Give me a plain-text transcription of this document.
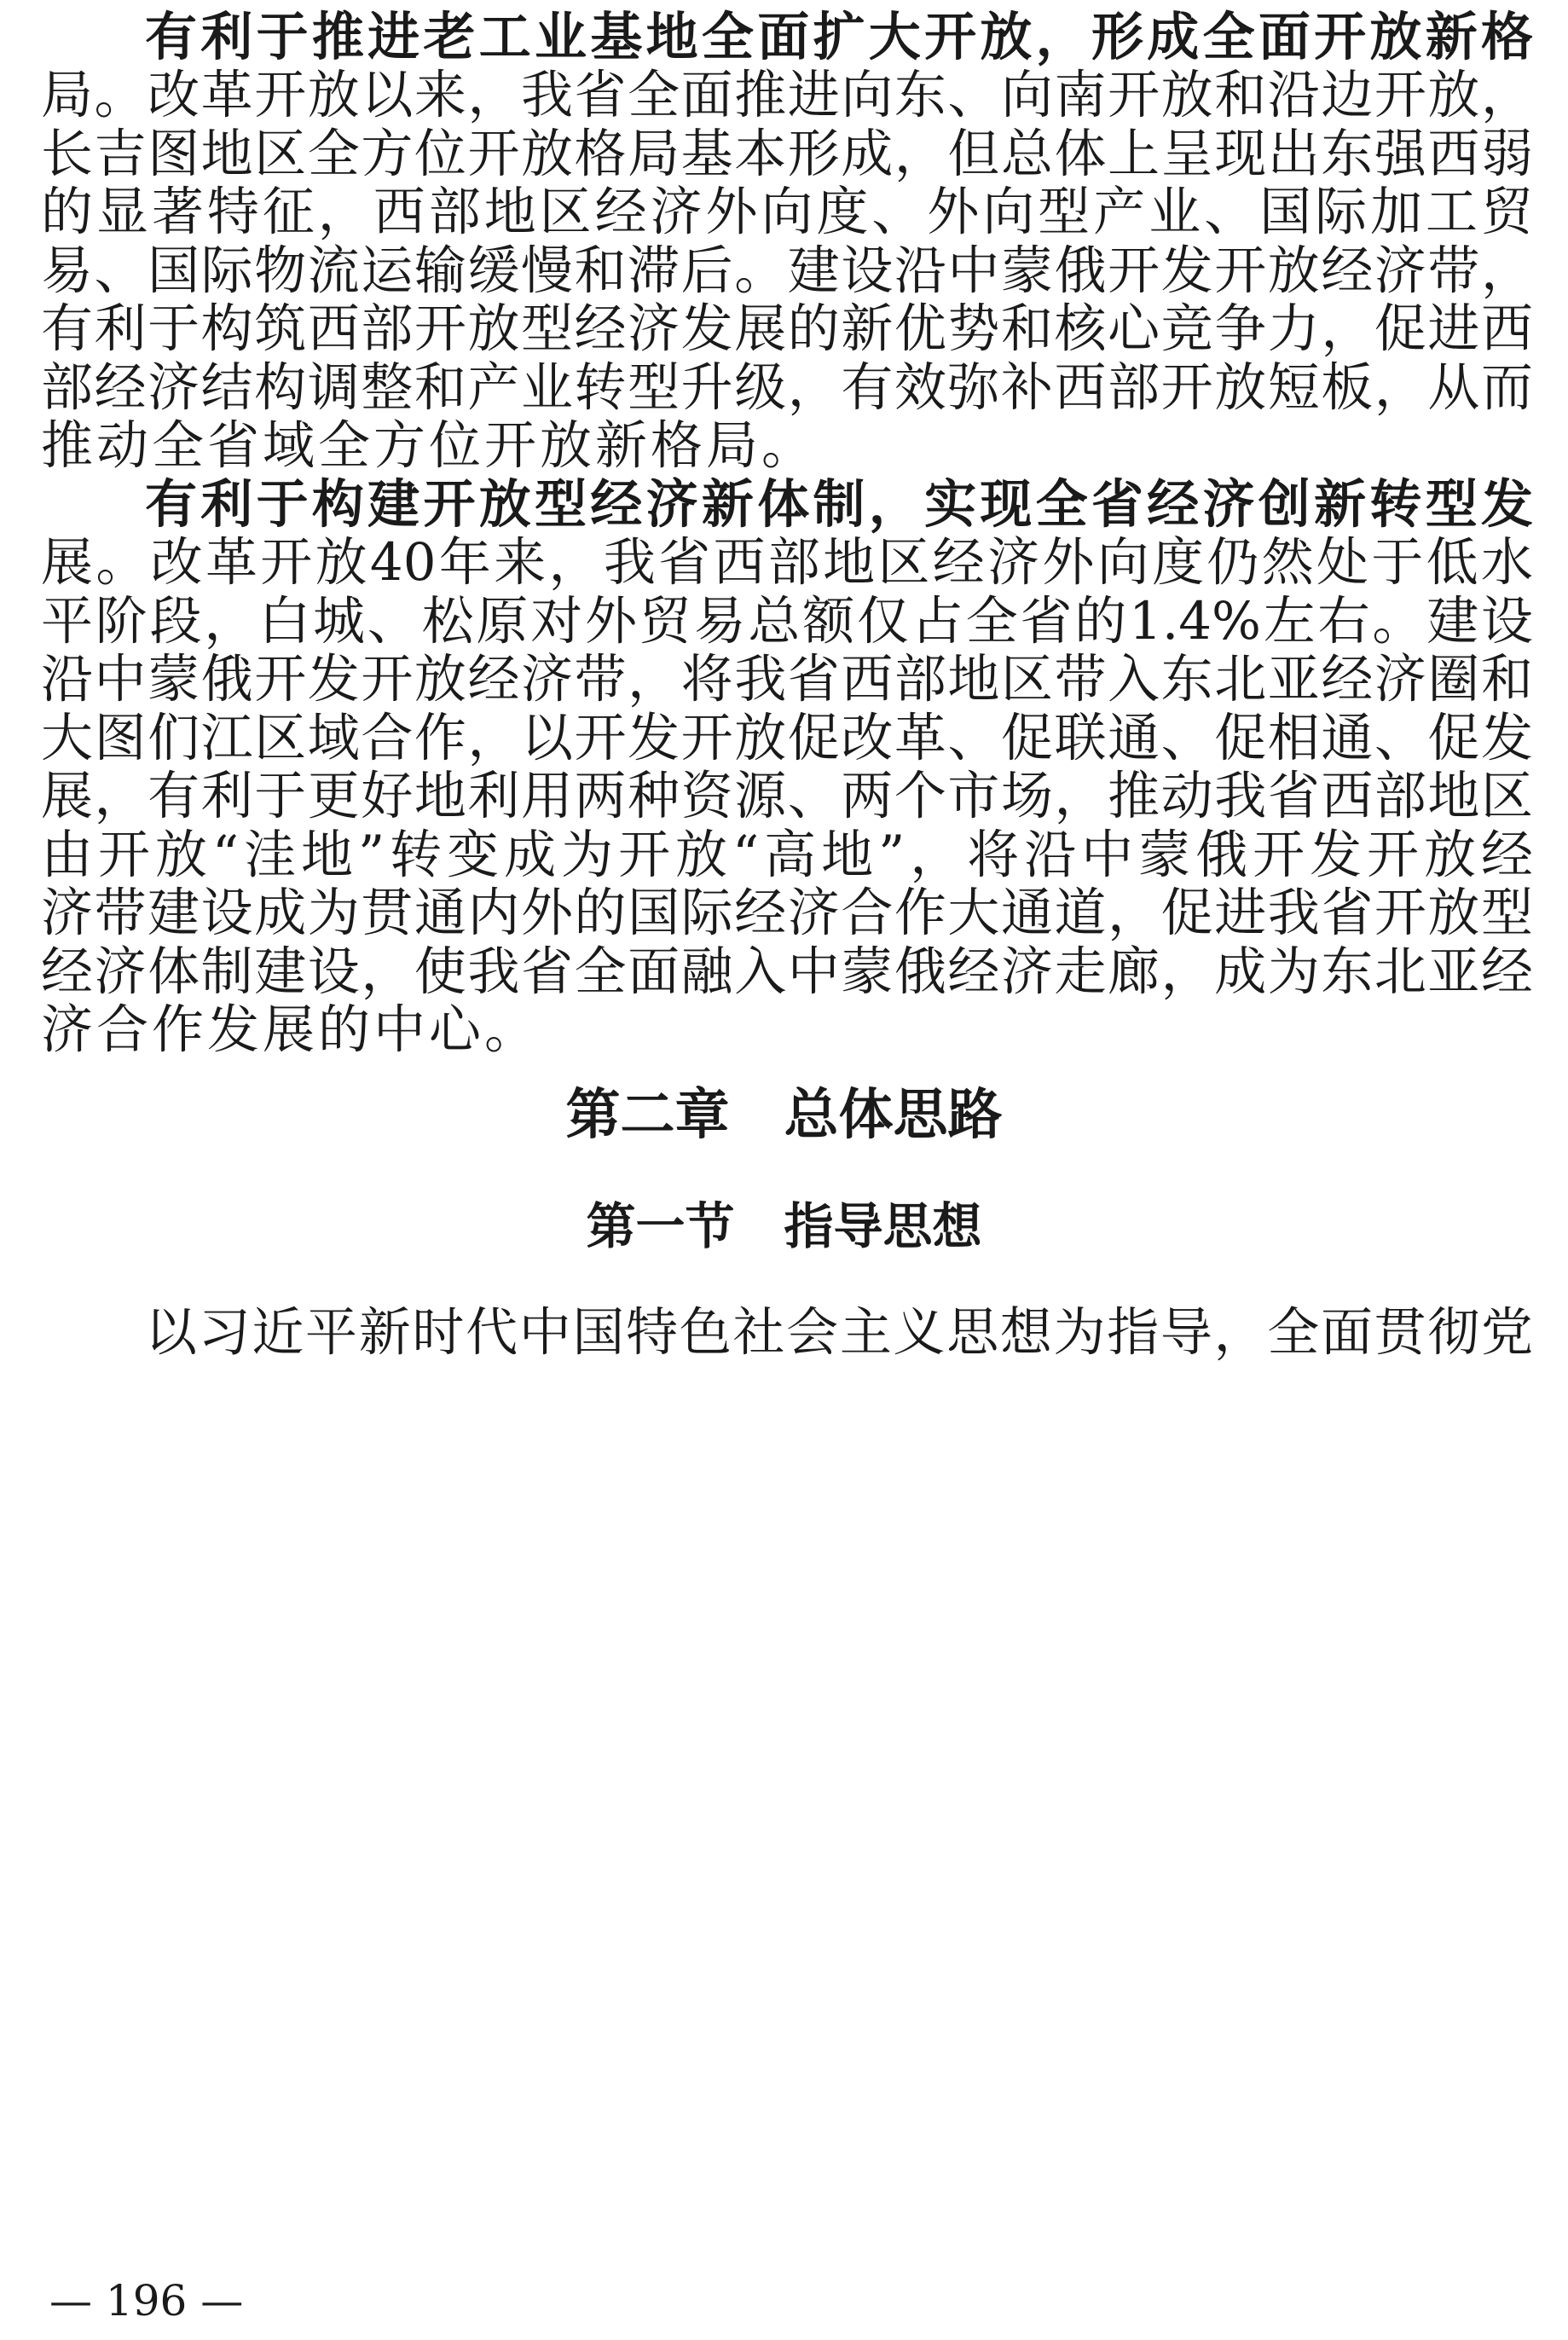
有利于推进老工业基地全面扩大开放，形成全面开放新格
局。改革开放以来，我省全面推进向东、向南开放和沿边开放，
长吉图地区全方位开放格局基本形成，但总体上呈现出东强西弱
的显著特征，西部地区经济外向度、外向型产业、国际加工贸
易、国际物流运输缓慢和滞后。建设沿中蒙俄开发开放经济带，
有利于构筑西部开放型经济发展的新优势和核心竞争力，促进西
部经济结构调整和产业转型升级，有效弥补西部开放短板，从而
推动全省域全方位开放新格局。
有利于构建开放型经济新体制，实现全省经济创新转型发
展。改革开放40年来，我省西部地区经济外向度仍然处于低水
平阶段，白城、松原对外贸易总额仅占全省的1.4%左右。建设
沿中蒙俄开发开放经济带，将我省西部地区带入东北亚经济圈和
大图们江区域合作，以开发开放促改革、促联通、促相通、促发
展，有利于更好地利用两种资源、两个市场，推动我省西部地区
由开放“洼地”转变成为开放“高地”，将沿中蒙俄开发开放经
济带建设成为贯通内外的国际经济合作大通道，促进我省开放型
经济体制建设，使我省全面融入中蒙俄经济走廊，成为东北亚经
济合作发展的中心。
第二章　总体思路
第一节　指导思想
以习近平新时代中国特色社会主义思想为指导，全面贯彻党
— 196 —
